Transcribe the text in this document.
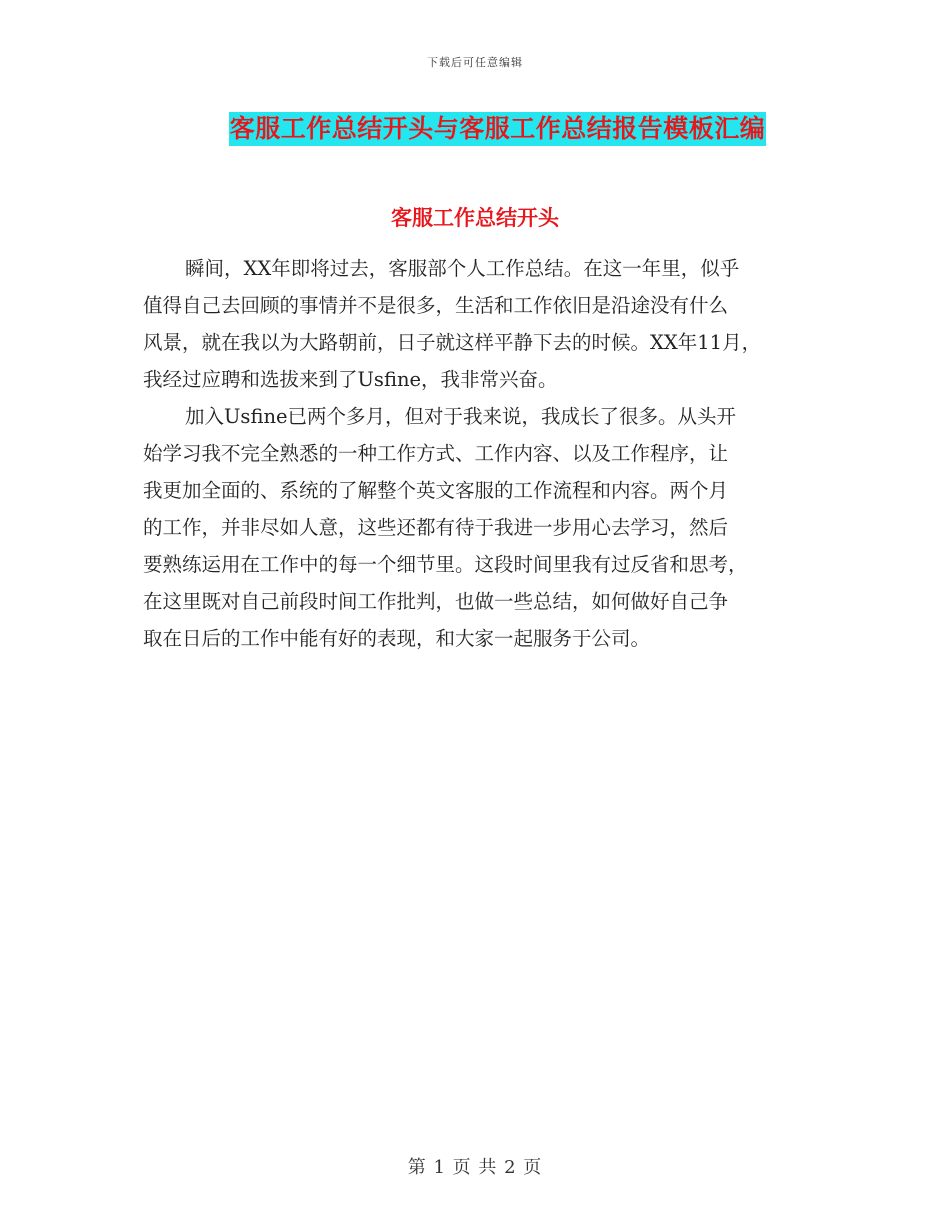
下载后可任意编辑
客服工作总结开头与客服工作总结报告模板汇编
客服工作总结开头
瞬间，XX年即将过去，客服部个人工作总结。在这一年里，似乎
值得自己去回顾的事情并不是很多，生活和工作依旧是沿途没有什么
风景，就在我以为大路朝前，日子就这样平静下去的时候。XX年11月，
我经过应聘和选拔来到了Usfine，我非常兴奋。
加入Usfine已两个多月，但对于我来说，我成长了很多。从头开
始学习我不完全熟悉的一种工作方式、工作内容、以及工作程序，让
我更加全面的、系统的了解整个英文客服的工作流程和内容。两个月
的工作，并非尽如人意，这些还都有待于我进一步用心去学习，然后
要熟练运用在工作中的每一个细节里。这段时间里我有过反省和思考，
在这里既对自己前段时间工作批判，也做一些总结，如何做好自己争
取在日后的工作中能有好的表现，和大家一起服务于公司。
第 1 页 共 2 页
